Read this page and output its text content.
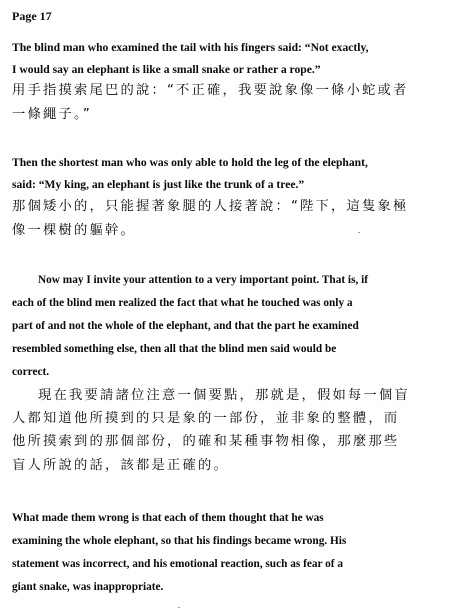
Page 17
The blind man who examined the tail with his fingers said: “Not exactly,
I would say an elephant is like a small snake or rather a rope.”
用手指摸索尾巴的說：“不正確，我要說象像一條小蛇或者
一條繩子。”
Then the shortest man who was only able to hold the leg of the elephant,
said: “My king, an elephant is just like the trunk of a tree.”
那個矮小的，只能握著象腿的人接著說：“陛下，這隻象極
像一棵樹的軀幹。
Now may I invite your attention to a very important point. That is, if
each of the blind men realized the fact that what he touched was only a
part of and not the whole of the elephant, and that the part he examined
resembled something else, then all that the blind men said would be
correct.
現在我要請諸位注意一個要點，那就是，假如每一個盲
人都知道他所摸到的只是象的一部份，並非象的整體，而
他所摸索到的那個部份，的確和某種事物相像，那麼那些
盲人所說的話，該都是正確的。
What made them wrong is that each of them thought that he was
examining the whole elephant, so that his findings became wrong. His
statement was incorrect, and his emotional reaction, such as fear of a
giant snake, was inappropriate.
